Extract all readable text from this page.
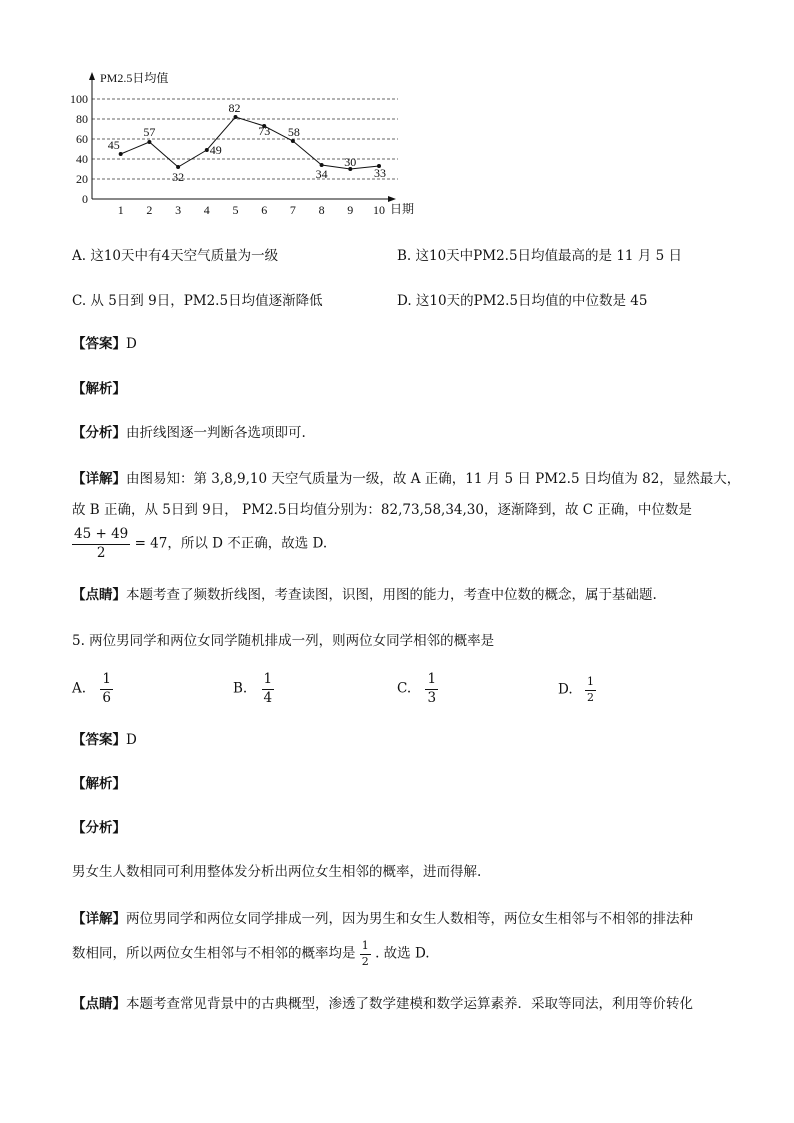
0
20
40
60
80
100
1 2 3 4 5 6 7 8 9 10
45
57
32
49
82
73 58
34
30
33
PM2.5日均值
日期
A. 这10天中有4天空气质量为一级	B. 这10天中PM2.5日均值最高的是 11 月 5 日
C. 从 5日到 9日，PM2.5日均值逐渐降低	D. 这10天的PM2.5日均值的中位数是 45
【答案】D
【解析】
【分析】由折线图逐一判断各选项即可.
【详解】由图易知：第 3,8,9,10 天空气质量为一级，故 A 正确，11 月 5 日 PM2.5 日均值为 82，显然最大，
故 B 正确，从 5日到 9日， PM2.5日均值分别为：82,73,58,34,30，逐渐降到，故 C 正确，中位数是
$\frac{45 + 49}{2} = 47$，所以 D 不正确，故选 D.
【点睛】本题考查了频数折线图，考查读图，识图，用图的能力，考查中位数的概念，属于基础题.
5. 两位男同学和两位女同学随机排成一列，则两位女同学相邻的概率是
A. $\frac{1}{6}$	B. $\frac{1}{4}$	C. $\frac{1}{3}$	D. $\frac{1}{2}$
【答案】D
【解析】
【分析】
男女生人数相同可利用整体发分析出两位女生相邻的概率，进而得解.
【详解】两位男同学和两位女同学排成一列，因为男生和女生人数相等，两位女生相邻与不相邻的排法种
数相同，所以两位女生相邻与不相邻的概率均是 $\frac{1}{2}$ . 故选 D.
【点睛】本题考查常见背景中的古典概型，渗透了数学建模和数学运算素养．采取等同法，利用等价转化
